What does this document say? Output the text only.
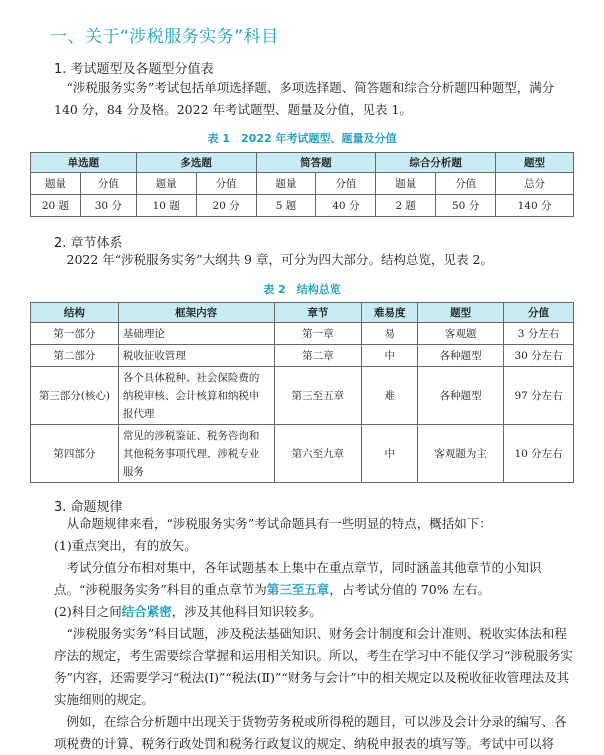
一、关于“涉税服务实务”科目
1. 考试题型及各题型分值表
“涉税服务实务”考试包括单项选择题、多项选择题、简答题和综合分析题四种题型，满分 140 分，84 分及格。2022 年考试题型、题量及分值，见表 1。
表 1　2022 年考试题型、题量及分值
单选题		多选题		简答题		综合分析题		题型
题量	分值	题量	分值	题量	分值	题量	分值	总分
20 题	30 分	10 题	20 分	5 题	40 分	2 题	50 分	140 分
2. 章节体系
2022 年“涉税服务实务”大纲共 9 章，可分为四大部分。结构总览，见表 2。
表 2　结构总览
结构	框架内容	章节	难易度	题型	分值
第一部分	基础理论	第一章	易	客观题	3 分左右
第二部分	税收征收管理	第二章	中	各种题型	30 分左右
第三部分(核心)	各个具体税种、社会保险费的纳税审核、会计核算和纳税申报代理	第三至五章	难	各种题型	97 分左右
第四部分	常见的涉税鉴证、税务咨询和其他税务事项代理、涉税专业服务	第六至九章	中	客观题为主	10 分左右
3. 命题规律
从命题规律来看，“涉税服务实务”考试命题具有一些明显的特点，概括如下：
(1)重点突出，有的放矢。
考试分值分布相对集中，各年试题基本上集中在重点章节，同时涵盖其他章节的小知识点。“涉税服务实务”科目的重点章节为第三至五章，占考试分值的 70% 左右。
(2)科目之间结合紧密，涉及其他科目知识较多。
“涉税服务实务”科目试题，涉及税法基础知识、财务会计制度和会计准则、税收实体法和程序法的规定，考生需要综合掌握和运用相关知识。所以，考生在学习中不能仅学习“涉税服务实务”内容，还需要学习“税法(Ⅰ)”“税法(Ⅱ)”“财务与会计”中的相关规定以及税收征收管理法及其实施细则的规定。
例如，在综合分析题中出现关于货物劳务税或所得税的题目，可以涉及会计分录的编写、各项税费的计算、税务行政处罚和税务行政复议的规定、纳税申报表的填写等。考试中可以将
